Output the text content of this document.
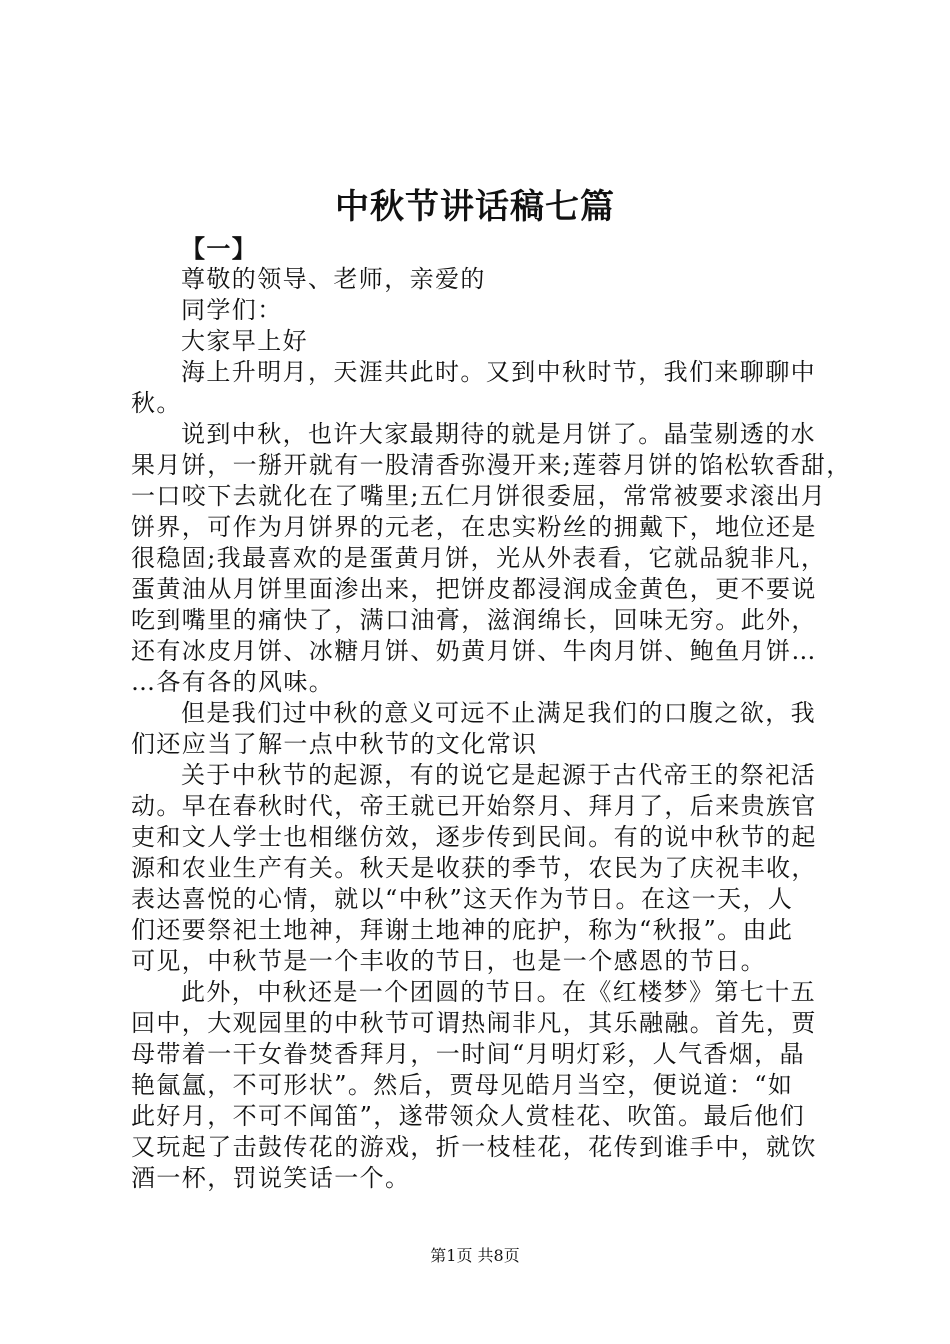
中秋节讲话稿七篇

【一】

尊敬的领导、老师，亲爱的

同学们：

大家早上好

海上升明月，天涯共此时。又到中秋时节，我们来聊聊中

秋。

说到中秋，也许大家最期待的就是月饼了。晶莹剔透的水

果月饼，一掰开就有一股清香弥漫开来;莲蓉月饼的馅松软香甜，

一口咬下去就化在了嘴里;五仁月饼很委屈，常常被要求滚出月

饼界，可作为月饼界的元老，在忠实粉丝的拥戴下，地位还是

很稳固;我最喜欢的是蛋黄月饼，光从外表看，它就品貌非凡，

蛋黄油从月饼里面渗出来，把饼皮都浸润成金黄色，更不要说

吃到嘴里的痛快了，满口油膏，滋润绵长，回味无穷。此外，

还有冰皮月饼、冰糖月饼、奶黄月饼、牛肉月饼、鲍鱼月饼…

…各有各的风味。

但是我们过中秋的意义可远不止满足我们的口腹之欲，我

们还应当了解一点中秋节的文化常识

关于中秋节的起源，有的说它是起源于古代帝王的祭祀活

动。早在春秋时代，帝王就已开始祭月、拜月了，后来贵族官

吏和文人学士也相继仿效，逐步传到民间。有的说中秋节的起

源和农业生产有关。秋天是收获的季节，农民为了庆祝丰收，

表达喜悦的心情，就以“中秋”这天作为节日。在这一天，人

们还要祭祀土地神，拜谢土地神的庇护，称为“秋报”。由此

可见，中秋节是一个丰收的节日，也是一个感恩的节日。

此外，中秋还是一个团圆的节日。在《红楼梦》第七十五

回中，大观园里的中秋节可谓热闹非凡，其乐融融。首先，贾

母带着一干女眷焚香拜月，一时间“月明灯彩，人气香烟，晶

艳氤氲，不可形状”。然后，贾母见皓月当空，便说道：“如

此好月，不可不闻笛”，遂带领众人赏桂花、吹笛。最后他们

又玩起了击鼓传花的游戏，折一枝桂花，花传到谁手中，就饮

酒一杯，罚说笑话一个。

第1页 共8页
